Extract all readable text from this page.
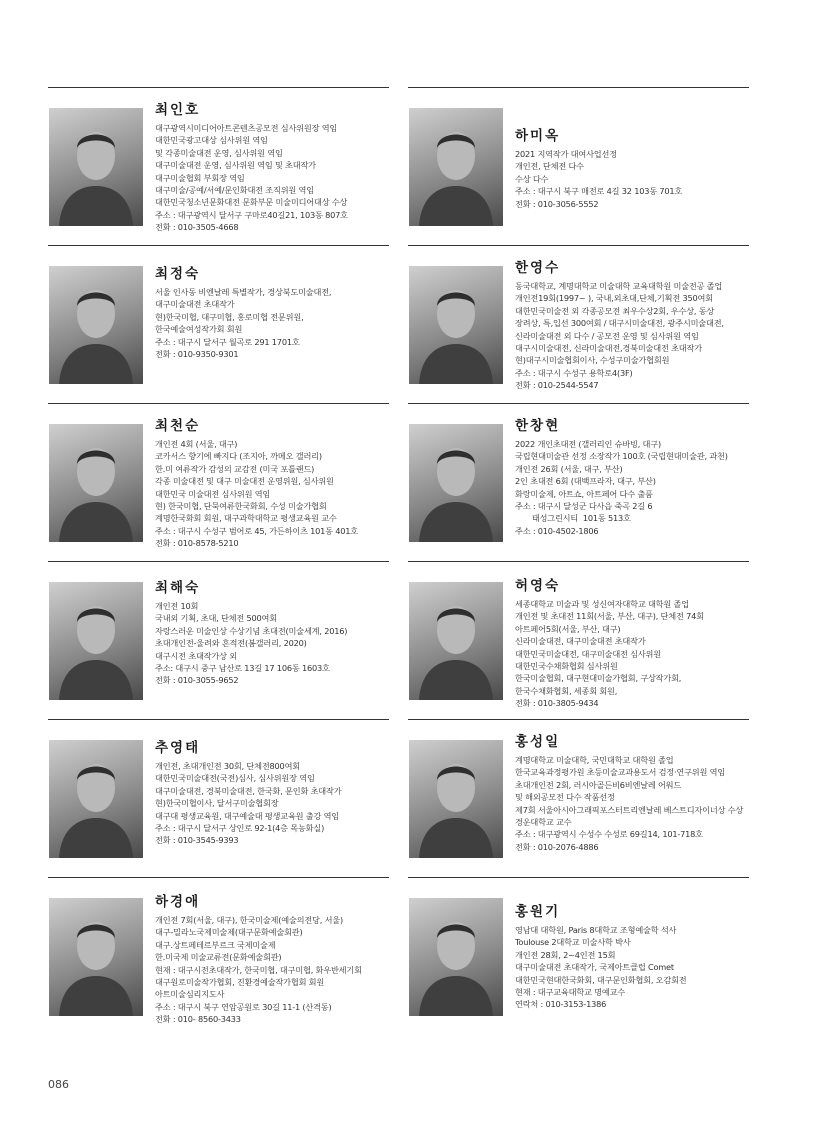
최인호
대구광역시미디어아트콘텐츠공모전 심사위원장 역임
대한민국광고대상 심사위원 역임
및 각종미술대전 운영, 심사위원 역임
대구미술대전 운영, 심사위원 역임 및 초대작가
대구미술협회 부회장 역임
대구미술/공예/서예/문인화대전 조직위원 역임
대한민국청소년문화대전 문화부문 미술미디어대상 수상
주소 : 대구광역시 달서구 구마로40길21, 103동 807호
전화 : 010-3505-4668
최정숙
서울 인사동 비엔날레 특별작가, 경상북도미술대전,
대구미술대전 초대작가
현)한국미협, 대구미협, 홍로미협 전문위원,
한국예술여성작가회 회원
주소 : 대구시 달서구 월곡로 291 1701호
전화 : 010-9350-9301
최천순
개인전 4회 (서울, 대구)
코카서스 향기에 빠지다 (조지아, 까메오 갤러리)
한.미 여류작가 감성의 교감전 (미국 포틀랜드)
각종 미술대전 및 대구 미술대전 운영위원, 심사위원
대한민국 미술대전 심사위원 역임
현) 한국미협, 단묵여류한국화회, 수성 미술가협회
계명한국화회 회원, 대구과학대학교 평생교육원 교수
주소 : 대구시 수성구 범어로 45, 가든하이츠 101동 401호
전화 : 010-8578-5210
최해숙
개인전 10회
국내외 기획, 초대, 단체전 500여회
자랑스러운 미술인상 수상기념 초대전(미술세계, 2016)
초대개인전-울려와 흔적전(봄갤러리, 2020)
대구시전 초대작가상 외
주소: 대구시 중구 남산로 13길 17 106동 1603호
전화 : 010-3055-9652
추영태
개인전, 초대개인전 30회, 단체전800여회
대한민국미술대전(국전)심사, 심사위원장 역임
대구미술대전, 경북미술대전, 한국화, 문인화 초대작가
현)한국미협이사, 달서구미술협회장
대구대 평생교육원, 대구예술대 평생교육원 출강 역임
주소 : 대구시 달서구 상인로 92-1(4층 목농화실)
전화 : 010-3545-9393
하경애
개인전 7회(서울, 대구), 한국미술제(예술의전당, 서울)
대구-밀라노국제미술제(대구문화예술회관)
대구.상트페테르부르크 국제미술제
한.미국제 미술교류전(문화예술회관)
현재 : 대구시전초대작가, 한국미협, 대구미협, 화우반세기회
대구원로미술작가협회, 진환경예술작가협회 회원
아트미술심리지도사
주소 : 대구시 북구 연암공원로 30길 11-1 (산격동)
전화 : 010- 8560-3433
하미옥
2021 지역작가 대여사업선정
개인전, 단체전 다수
수상 다수
주소 : 대구시 북구 매전로 4길 32 103동 701호
전화 : 010-3056-5552
한영수
동국대학교, 계명대학교 미술대학 교육대학원 미술전공 졸업
개인전19회(1997~ ), 국내,외초대,단체,기획전 350여회
대한민국미술전 외 각종공모전 최우수상2회, 우수상, 동상
장려상, 특,입선 300여회 / 대구시미술대전, 광주시미술대전,
신라미술대전 외 다수 / 공모전 운영 및 심사위원 역임
대구시미술대전, 신라미술대전,경북미술대전 초대작가
현)대구시미술협회이사, 수성구미술가협회원
주소 : 대구시 수성구 용학로4(3F)
전화 : 010-2544-5547
한창현
2022 개인초대전 (갤러리인 슈바빙, 대구)
국립현대미술관 선정 소장작가 100호 (국립현대미술관, 과천)
개인전 26회 (서울, 대구, 부산)
2인 초대전 6회 (대백프라자, 대구, 부산)
화랑미술제, 아트쇼, 아트페어 다수 출품
주소 : 대구시 달성군 다사읍 죽곡 2길 6
태성그린시티  101동 513호
주소 : 010-4502-1806
허영숙
세종대학교 미술과 및 성신여자대학교 대학원 졸업
개인전 및 초대전 11회(서울, 부산, 대구), 단체전 74회
아트페어5회(서울, 부산, 대구)
신라미술대전, 대구미술대전 초대작가
대한민국미술대전, 대구미술대전 심사위원
대한민국수채화협회 심사위원
한국미술협회, 대구현대미술가협회, 구상작가회,
한국수채화협회, 세종회 회원,
전화 : 010-3805-9434
홍성일
계명대학교 미술대학, 국민대학교 대학원 졸업
한국교육과정평가원 초등미술교과용도서 검정·연구위원 역임
초대개인전 2회, 러시아골든비6비엔날레 어워드
및 해외공모전 다수 작품선정
제7회 서울아시아그래픽포스터트리엔날레 베스트디자이너상 수상
경운대학교 교수
주소 : 대구광역시 수성수 수성로 69길14, 101-718호
전화 : 010-2076-4886
홍원기
영남대 대학원, Paris 8대학교 조형예술학 석사
Toulouse 2대학교 미술사학 박사
개인전 28회, 2~4인전 15회
대구미술대전 초대작가, 국제아트클럽 Comet
대한민국현대한국화회, 대구문인화협회, 오감회전
현재 : 대구교육대학교 명예교수
연락처 : 010-3153-1386
086
